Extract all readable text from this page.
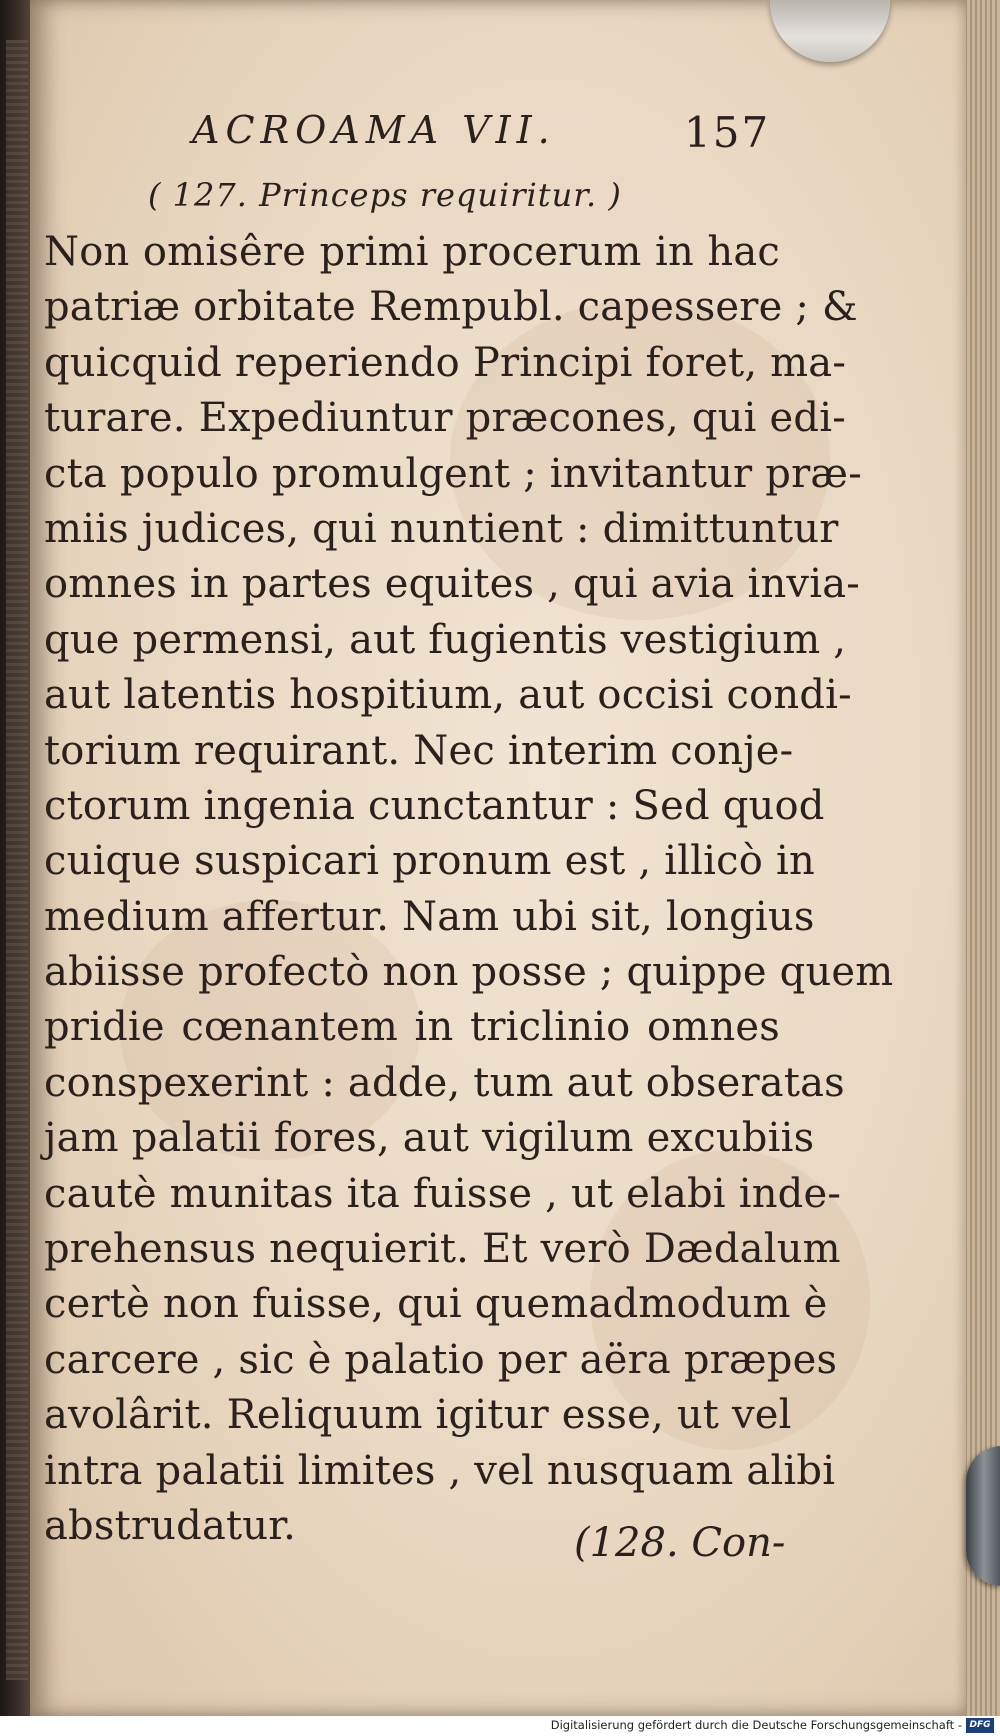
ACROAMA VII.	157
( 127. Princeps requiritur. )
Non omisêre primi procerum in hac
patriæ orbitate Rempubl. capessere ; &
quicquid reperiendo Principi foret, ma-
turare. Expediuntur præcones, qui edi-
cta populo promulgent ; invitantur præ-
miis judices, qui nuntient : dimittuntur
omnes in partes equites , qui avia invia-
que permensi, aut fugientis vestigium ,
aut latentis hospitium, aut occisi condi-
torium requirant. Nec interim conje-
ctorum ingenia cunctantur : Sed quod
cuique suspicari pronum est , illicò in
medium affertur. Nam ubi sit, longius
abiisse profectò non posse ; quippe quem
pridie cœnantem in triclinio omnes
conspexerint : adde, tum aut obseratas
jam palatii fores, aut vigilum excubiis
cautè munitas ita fuisse , ut elabi inde-
prehensus nequierit. Et verò Dædalum
certè non fuisse, qui quemadmodum è
carcere , sic è palatio per aëra præpes
avolârit. Reliquum igitur esse, ut vel
intra palatii limites , vel nusquam alibi
abstrudatur.	(128. Con-
Digitalisierung gefördert durch die Deutsche Forschungsgemeinschaft - DFG
